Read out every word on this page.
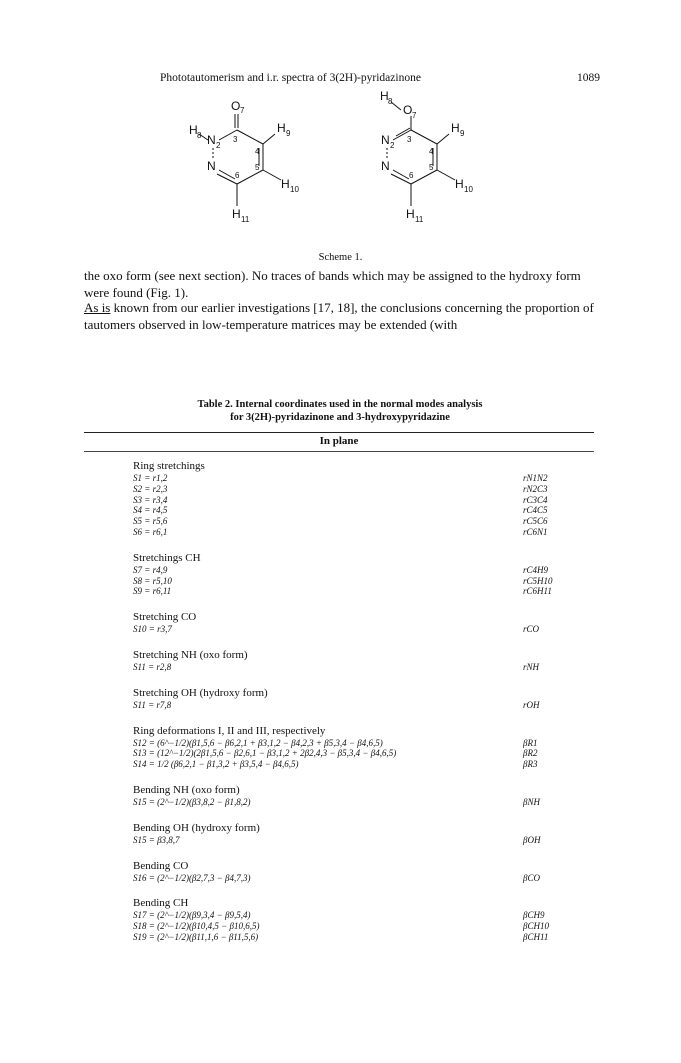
Phototautomerism and i.r. spectra of 3(2H)-pyridazinone	1089
O 7
H 8 N 2
N
H 9
H 10
H 11
3
4
5
6
H 8
O 7
N 2
N
H 9
H 10
H 11
3
4
5
6
Scheme 1.
the oxo form (see next section). No traces of bands which may be assigned to the hydroxy form were found (Fig. 1).
As is known from our earlier investigations [17, 18], the conclusions concerning the proportion of tautomers observed in low-temperature matrices may be extended (with
Table 2. Internal coordinates used in the normal modes analysis for 3(2H)-pyridazinone and 3-hydroxypyridazine
In plane
Ring stretchings
S1 = r1,2	rN1N2
S2 = r2,3	rN2C3
S3 = r3,4	rC3C4
S4 = r4,5	rC4C5
S5 = r5,6	rC5C6
S6 = r6,1	rC6N1
Stretchings CH
S7 = r4,9	rC4H9
S8 = r5,10	rC5H10
S9 = r6,11	rC6H11
Stretching CO
S10 = r3,7	rCO
Stretching NH (oxo form)
S11 = r2,8	rNH
Stretching OH (hydroxy form)
S11 = r7,8	rOH
Ring deformations I, II and III, respectively
S12 = (6^−1/2)(β1,5,6 − β6,2,1 + β3,1,2 − β4,2,3 + β5,3,4 − β4,6,5)	βR1
S13 = (12^−1/2)(2β1,5,6 − β2,6,1 − β3,1,2 + 2β2,4,3 − β5,3,4 − β4,6,5)	βR2
S14 = 1/2 (β6,2,1 − β1,3,2 + β3,5,4 − β4,6,5)	βR3
Bending NH (oxo form)
S15 = (2^−1/2)(β3,8,2 − β1,8,2)	βNH
Bending OH (hydroxy form)
S15 = β3,8,7	βOH
Bending CO
S16 = (2^−1/2)(β2,7,3 − β4,7,3)	βCO
Bending CH
S17 = (2^−1/2)(β9,3,4 − β9,5,4)	βCH9
S18 = (2^−1/2)(β10,4,5 − β10,6,5)	βCH10
S19 = (2^−1/2)(β11,1,6 − β11,5,6)	βCH11
